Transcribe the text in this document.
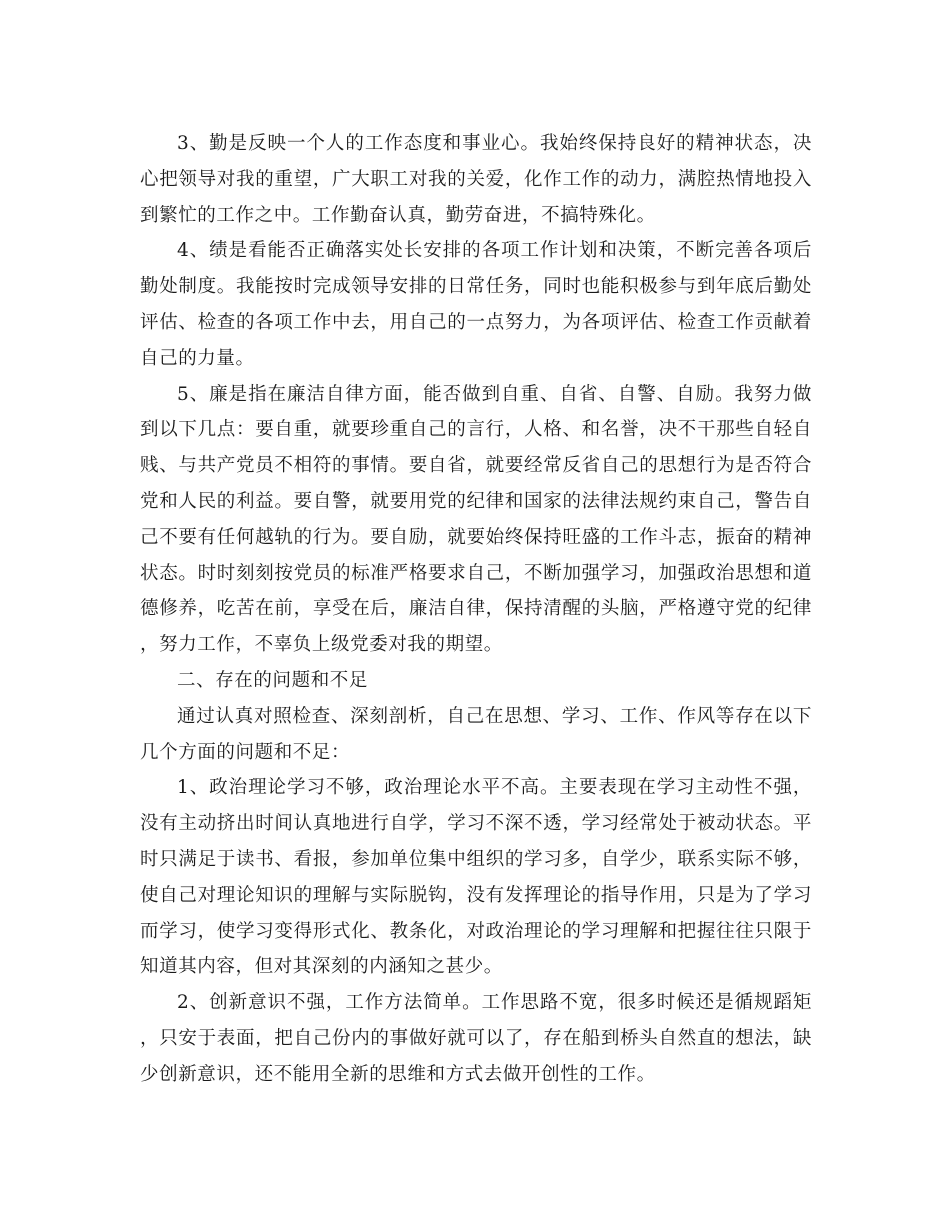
3、勤是反映一个人的工作态度和事业心。我始终保持良好的精神状态，决心把领导对我的重望，广大职工对我的关爱，化作工作的动力，满腔热情地投入到繁忙的工作之中。工作勤奋认真，勤劳奋进，不搞特殊化。

4、绩是看能否正确落实处长安排的各项工作计划和决策，不断完善各项后勤处制度。我能按时完成领导安排的日常任务，同时也能积极参与到年底后勤处评估、检查的各项工作中去，用自己的一点努力，为各项评估、检查工作贡献着自己的力量。

5、廉是指在廉洁自律方面，能否做到自重、自省、自警、自励。我努力做到以下几点：要自重，就要珍重自己的言行，人格、和名誉，决不干那些自轻自贱、与共产党员不相符的事情。要自省，就要经常反省自己的思想行为是否符合党和人民的利益。要自警，就要用党的纪律和国家的法律法规约束自己，警告自己不要有任何越轨的行为。要自励，就要始终保持旺盛的工作斗志，振奋的精神状态。时时刻刻按党员的标准严格要求自己，不断加强学习，加强政治思想和道德修养，吃苦在前，享受在后，廉洁自律，保持清醒的头脑，严格遵守党的纪律，努力工作，不辜负上级党委对我的期望。

二、存在的问题和不足

通过认真对照检查、深刻剖析，自己在思想、学习、工作、作风等存在以下几个方面的问题和不足：

1、政治理论学习不够，政治理论水平不高。主要表现在学习主动性不强，没有主动挤出时间认真地进行自学，学习不深不透，学习经常处于被动状态。平时只满足于读书、看报，参加单位集中组织的学习多，自学少，联系实际不够，使自己对理论知识的理解与实际脱钩，没有发挥理论的指导作用，只是为了学习而学习，使学习变得形式化、教条化，对政治理论的学习理解和把握往往只限于知道其内容，但对其深刻的内涵知之甚少。

2、创新意识不强，工作方法简单。工作思路不宽，很多时候还是循规蹈矩，只安于表面，把自己份内的事做好就可以了，存在船到桥头自然直的想法，缺少创新意识，还不能用全新的思维和方式去做开创性的工作。
